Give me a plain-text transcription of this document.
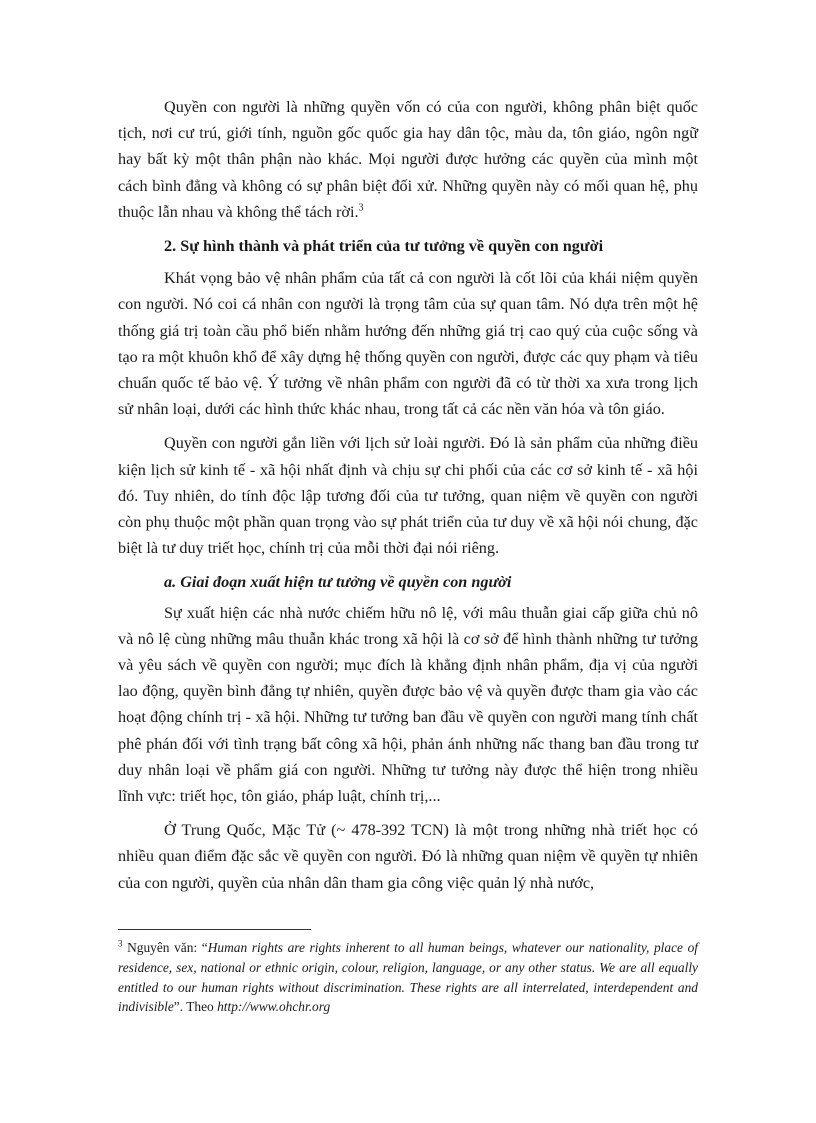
Quyền con người là những quyền vốn có của con người, không phân biệt quốc tịch, nơi cư trú, giới tính, nguồn gốc quốc gia hay dân tộc, màu da, tôn giáo, ngôn ngữ hay bất kỳ một thân phận nào khác. Mọi người được hưởng các quyền của mình một cách bình đẳng và không có sự phân biệt đối xử. Những quyền này có mối quan hệ, phụ thuộc lẫn nhau và không thể tách rời.$^3$

2. Sự hình thành và phát triển của tư tưởng về quyền con người

Khát vọng bảo vệ nhân phẩm của tất cả con người là cốt lõi của khái niệm quyền con người. Nó coi cá nhân con người là trọng tâm của sự quan tâm. Nó dựa trên một hệ thống giá trị toàn cầu phổ biến nhằm hướng đến những giá trị cao quý của cuộc sống và tạo ra một khuôn khổ để xây dựng hệ thống quyền con người, được các quy phạm và tiêu chuẩn quốc tế bảo vệ. Ý tưởng về nhân phẩm con người đã có từ thời xa xưa trong lịch sử nhân loại, dưới các hình thức khác nhau, trong tất cả các nền văn hóa và tôn giáo.

Quyền con người gắn liền với lịch sử loài người. Đó là sản phẩm của những điều kiện lịch sử kinh tế - xã hội nhất định và chịu sự chi phối của các cơ sở kinh tế - xã hội đó. Tuy nhiên, do tính độc lập tương đối của tư tưởng, quan niệm về quyền con người còn phụ thuộc một phần quan trọng vào sự phát triển của tư duy về xã hội nói chung, đặc biệt là tư duy triết học, chính trị của mỗi thời đại nói riêng.

a. Giai đoạn xuất hiện tư tưởng về quyền con người

Sự xuất hiện các nhà nước chiếm hữu nô lệ, với mâu thuẫn giai cấp giữa chủ nô và nô lệ cùng những mâu thuẫn khác trong xã hội là cơ sở để hình thành những tư tưởng và yêu sách về quyền con người; mục đích là khẳng định nhân phẩm, địa vị của người lao động, quyền bình đẳng tự nhiên, quyền được bảo vệ và quyền được tham gia vào các hoạt động chính trị - xã hội. Những tư tưởng ban đầu về quyền con người mang tính chất phê phán đối với tình trạng bất công xã hội, phản ánh những nấc thang ban đầu trong tư duy nhân loại về phẩm giá con người. Những tư tưởng này được thể hiện trong nhiều lĩnh vực: triết học, tôn giáo, pháp luật, chính trị,...

Ở Trung Quốc, Mặc Tử (~ 478-392 TCN) là một trong những nhà triết học có nhiều quan điểm đặc sắc về quyền con người. Đó là những quan niệm về quyền tự nhiên của con người, quyền của nhân dân tham gia công việc quản lý nhà nước,

$^3$ Nguyên văn: “Human rights are rights inherent to all human beings, whatever our nationality, place of residence, sex, national or ethnic origin, colour, religion, language, or any other status. We are all equally entitled to our human rights without discrimination. These rights are all interrelated, interdependent and indivisible”. Theo http://www.ohchr.org
